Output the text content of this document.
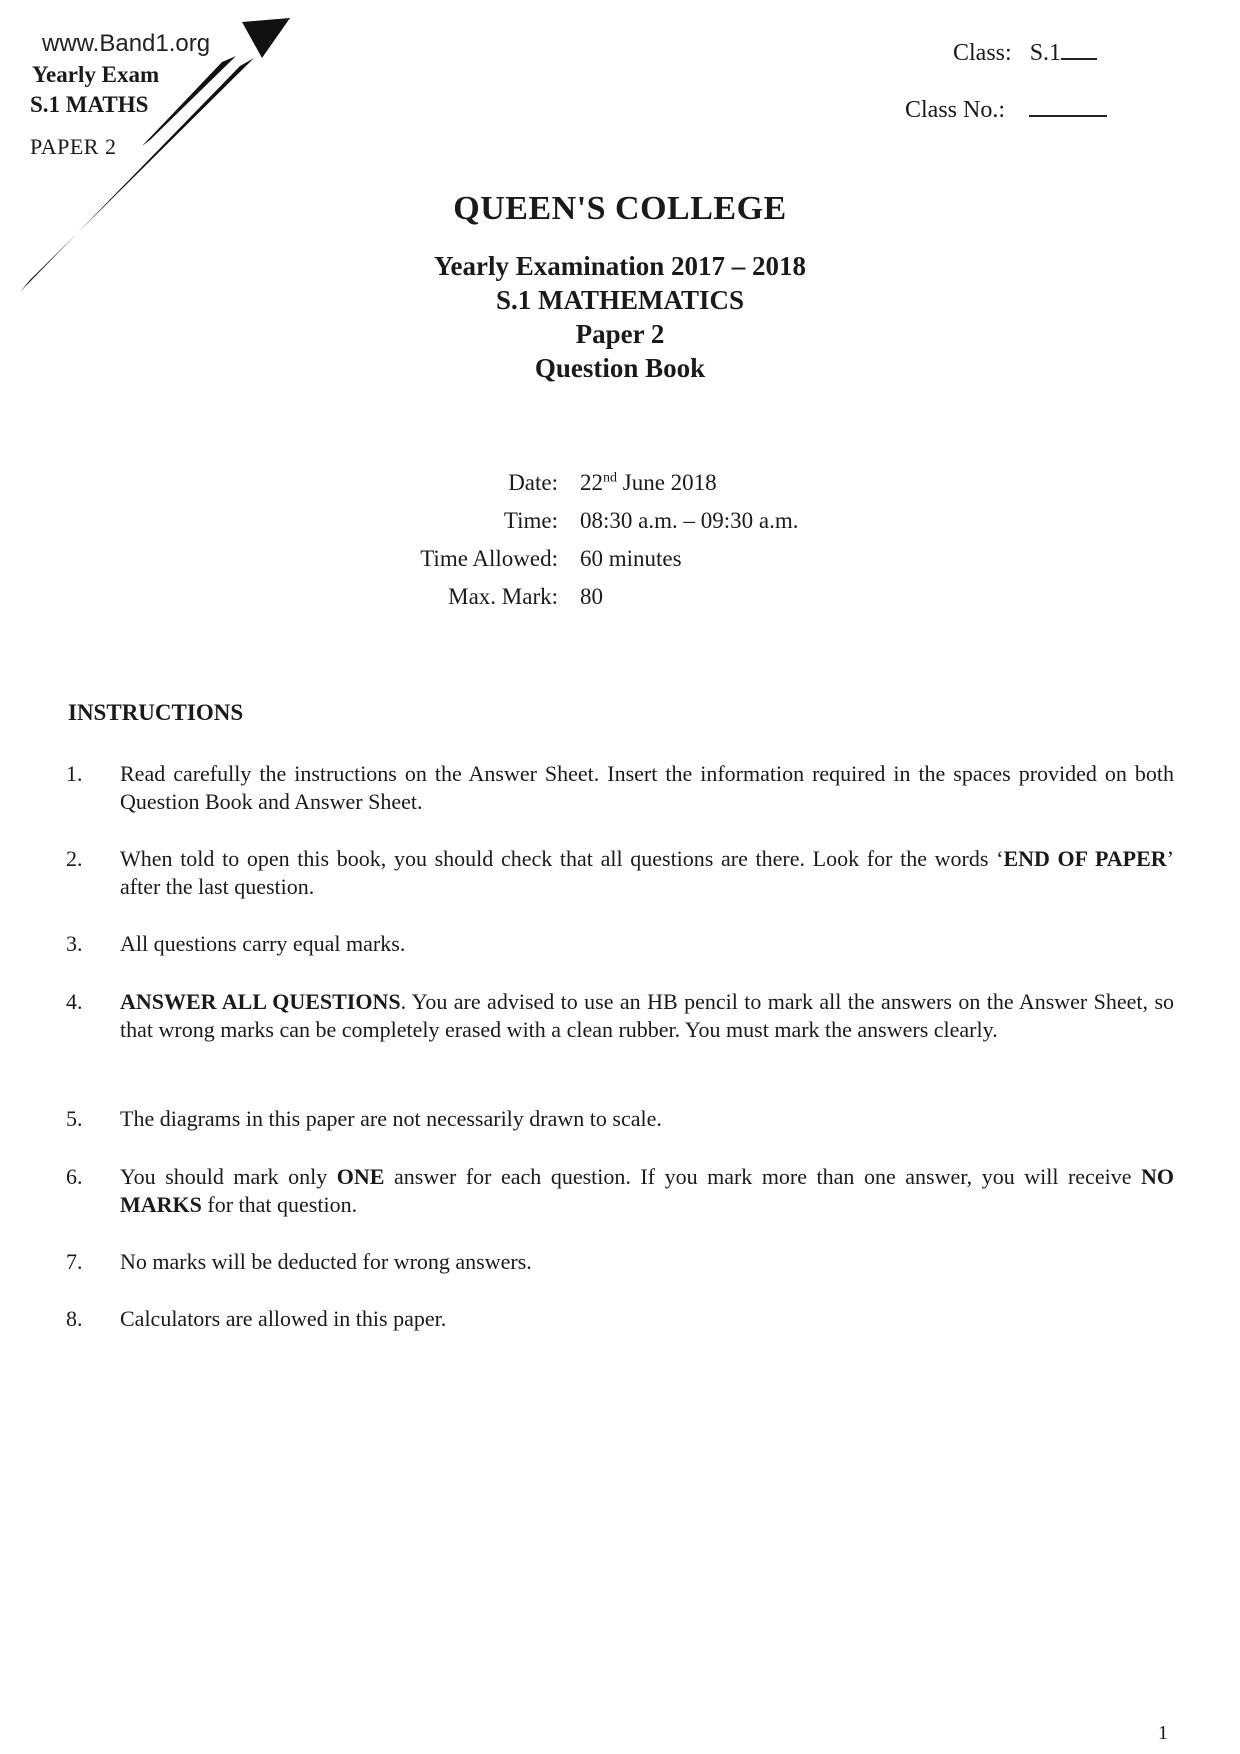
www.Band1.org
Yearly Exam
S.1 MATHS
PAPER 2
Class: S.1
Class No.:
QUEEN'S COLLEGE
Yearly Examination 2017 – 2018
S.1 MATHEMATICS
Paper 2
Question Book
Date: 22nd June 2018
Time: 08:30 a.m. – 09:30 a.m.
Time Allowed: 60 minutes
Max. Mark: 80
INSTRUCTIONS
1. Read carefully the instructions on the Answer Sheet. Insert the information required in the spaces provided on both Question Book and Answer Sheet.
2. When told to open this book, you should check that all questions are there. Look for the words ‘END OF PAPER’ after the last question.
3. All questions carry equal marks.
4. ANSWER ALL QUESTIONS. You are advised to use an HB pencil to mark all the answers on the Answer Sheet, so that wrong marks can be completely erased with a clean rubber. You must mark the answers clearly.
5. The diagrams in this paper are not necessarily drawn to scale.
6. You should mark only ONE answer for each question. If you mark more than one answer, you will receive NO MARKS for that question.
7. No marks will be deducted for wrong answers.
8. Calculators are allowed in this paper.
1
